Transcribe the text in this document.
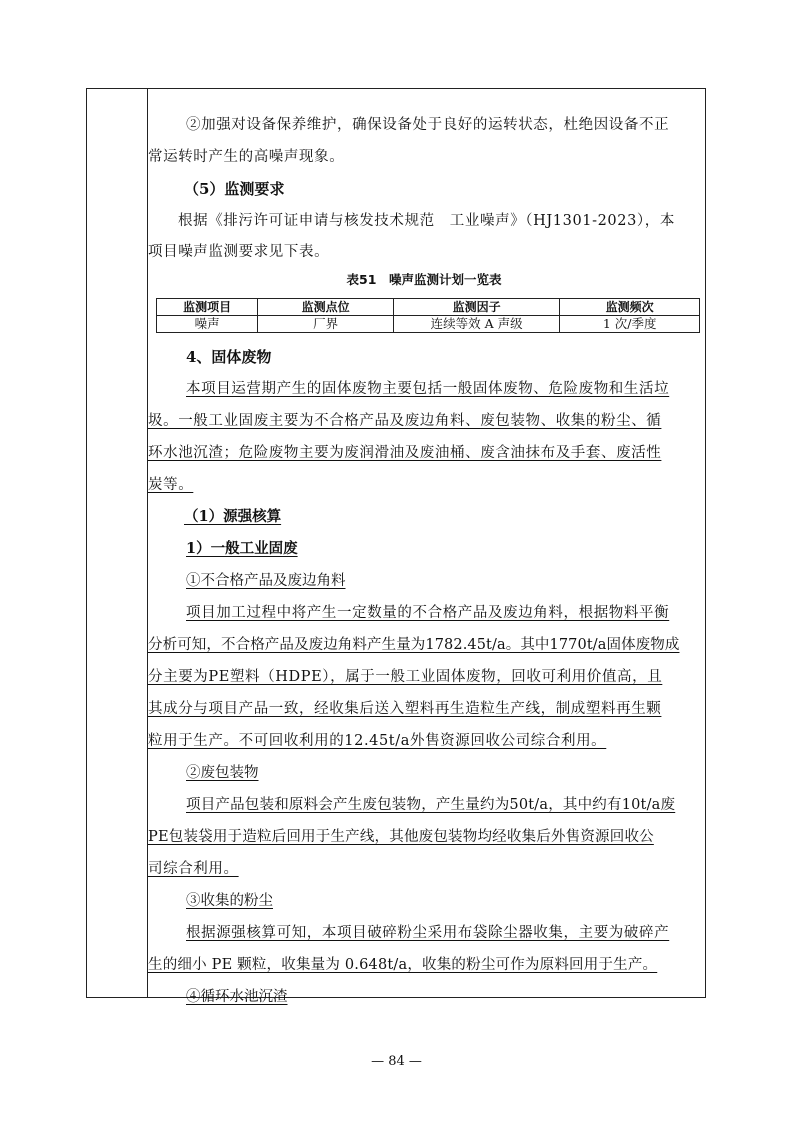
②加强对设备保养维护，确保设备处于良好的运转状态，杜绝因设备不正
常运转时产生的高噪声现象。
（5）监测要求
根据《排污许可证申请与核发技术规范　工业噪声》（HJ1301-2023），本
项目噪声监测要求见下表。
表51　噪声监测计划一览表
监测项目	监测点位	监测因子	监测频次
噪声	厂界	连续等效 A 声级	1 次/季度
4、固体废物
本项目运营期产生的固体废物主要包括一般固体废物、危险废物和生活垃
圾。一般工业固废主要为不合格产品及废边角料、废包装物、收集的粉尘、循
环水池沉渣；危险废物主要为废润滑油及废油桶、废含油抹布及手套、废活性
炭等。
（1）源强核算
1）一般工业固废
①不合格产品及废边角料
项目加工过程中将产生一定数量的不合格产品及废边角料，根据物料平衡
分析可知，不合格产品及废边角料产生量为1782.45t/a。其中1770t/a固体废物成
分主要为PE塑料（HDPE），属于一般工业固体废物，回收可利用价值高，且
其成分与项目产品一致，经收集后送入塑料再生造粒生产线，制成塑料再生颗
粒用于生产。不可回收利用的12.45t/a外售资源回收公司综合利用。
②废包装物
项目产品包装和原料会产生废包装物，产生量约为50t/a，其中约有10t/a废
PE包装袋用于造粒后回用于生产线，其他废包装物均经收集后外售资源回收公
司综合利用。
③收集的粉尘
根据源强核算可知，本项目破碎粉尘采用布袋除尘器收集，主要为破碎产
生的细小 PE 颗粒，收集量为 0.648t/a，收集的粉尘可作为原料回用于生产。
④循环水池沉渣
— 84 —
